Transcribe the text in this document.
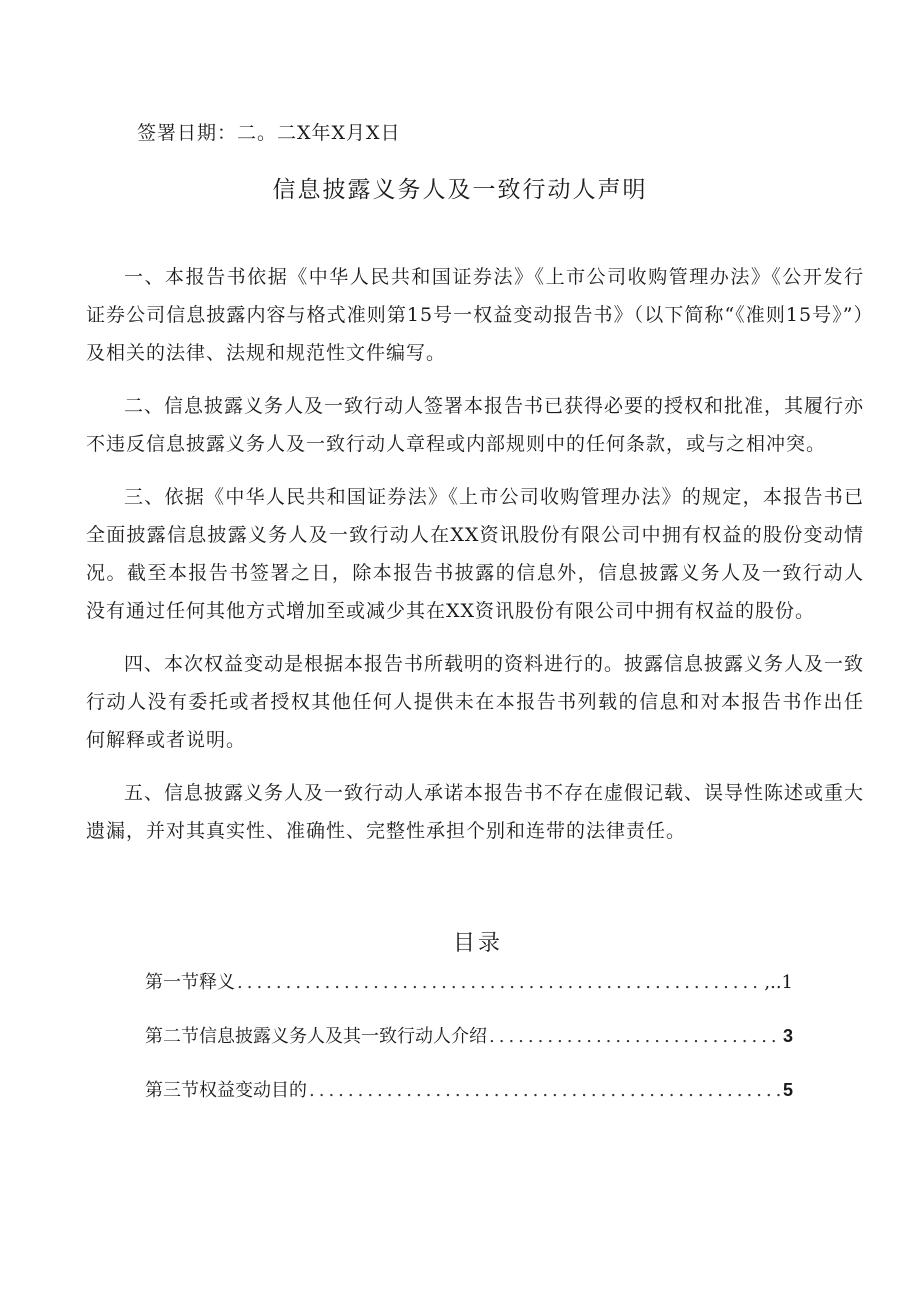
签署日期：二。二X年X月X日
信息披露义务人及一致行动人声明

一、本报告书依据《中华人民共和国证券法》《上市公司收购管理办法》《公开发行证券公司信息披露内容与格式准则第15号一权益变动报告书》（以下简称“《准则15号》”）及相关的法律、法规和规范性文件编写。

二、信息披露义务人及一致行动人签署本报告书已获得必要的授权和批准，其履行亦不违反信息披露义务人及一致行动人章程或内部规则中的任何条款，或与之相冲突。

三、依据《中华人民共和国证券法》《上市公司收购管理办法》的规定，本报告书已全面披露信息披露义务人及一致行动人在XX资讯股份有限公司中拥有权益的股份变动情况。截至本报告书签署之日，除本报告书披露的信息外，信息披露义务人及一致行动人没有通过任何其他方式增加至或减少其在XX资讯股份有限公司中拥有权益的股份。

四、本次权益变动是根据本报告书所载明的资料进行的。披露信息披露义务人及一致行动人没有委托或者授权其他任何人提供未在本报告书列载的信息和对本报告书作出任何解释或者说明。

五、信息披露义务人及一致行动人承诺本报告书不存在虚假记载、误导性陈述或重大遗漏，并对其真实性、准确性、完整性承担个别和连带的法律责任。

目录
第一节释义 .....	,..1
第二节信息披露义务人及其一致行动人介绍 .....	3
第三节权益变动目的 .....	5
